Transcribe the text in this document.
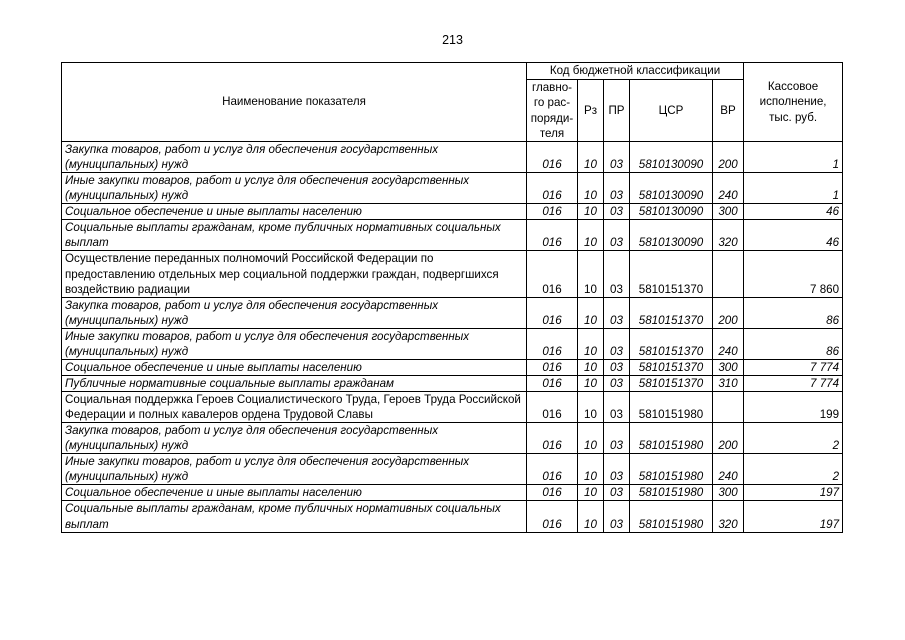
213
Наименование показателя	Код бюджетной классификации					Кассовое исполнение, тыс. руб.
	главно-го рас-поряди-теля	Рз	ПР	ЦСР	ВР	
Закупка товаров, работ и услуг для обеспечения государственных (муниципальных) нужд	016	10	03	5810130090	200	1
Иные закупки товаров, работ и услуг для обеспечения государственных (муниципальных) нужд	016	10	03	5810130090	240	1
Социальное обеспечение и иные выплаты населению	016	10	03	5810130090	300	46
Социальные выплаты гражданам, кроме публичных нормативных социальных выплат	016	10	03	5810130090	320	46
Осуществление переданных полномочий Российской Федерации по предоставлению отдельных мер социальной поддержки граждан, подвергшихся воздействию радиации	016	10	03	5810151370		7 860
Закупка товаров, работ и услуг для обеспечения государственных (муниципальных) нужд	016	10	03	5810151370	200	86
Иные закупки товаров, работ и услуг для обеспечения государственных (муниципальных) нужд	016	10	03	5810151370	240	86
Социальное обеспечение и иные выплаты населению	016	10	03	5810151370	300	7 774
Публичные нормативные социальные выплаты гражданам	016	10	03	5810151370	310	7 774
Социальная поддержка Героев Социалистического Труда, Героев Труда Российской Федерации и полных кавалеров ордена Трудовой Славы	016	10	03	5810151980		199
Закупка товаров, работ и услуг для обеспечения государственных (муниципальных) нужд	016	10	03	5810151980	200	2
Иные закупки товаров, работ и услуг для обеспечения государственных (муниципальных) нужд	016	10	03	5810151980	240	2
Социальное обеспечение и иные выплаты населению	016	10	03	5810151980	300	197
Социальные выплаты гражданам, кроме публичных нормативных социальных выплат	016	10	03	5810151980	320	197
